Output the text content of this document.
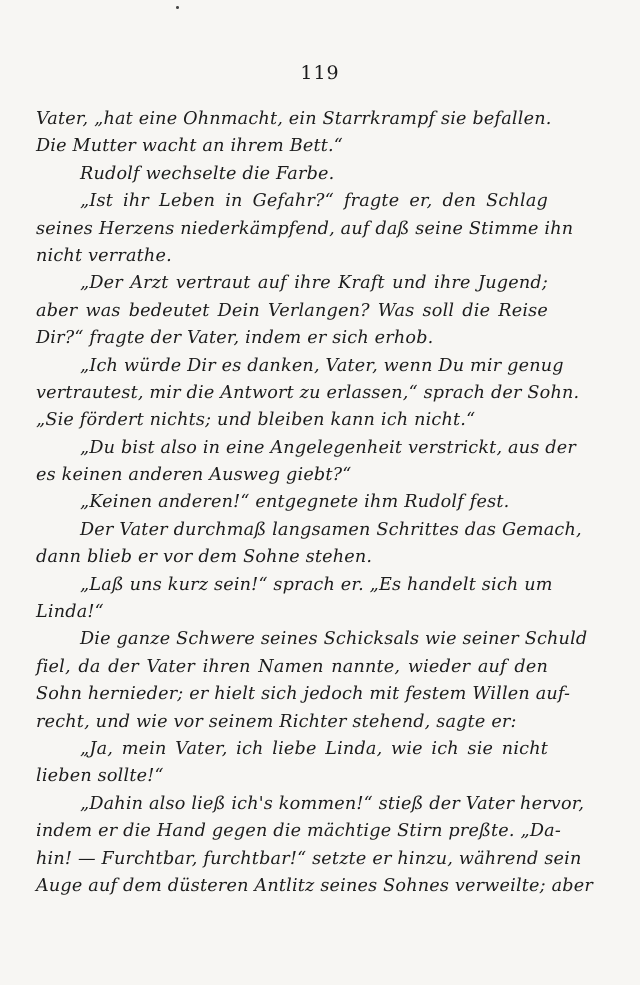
119
Vater, „hat eine Ohnmacht, ein Starrkrampf sie befallen.
Die Mutter wacht an ihrem Bett.“
Rudolf wechselte die Farbe.
„Ist ihr Leben in Gefahr?“ fragte er, den Schlag
seines Herzens niederkämpfend, auf daß seine Stimme ihn
nicht verrathe.
„Der Arzt vertraut auf ihre Kraft und ihre Jugend;
aber was bedeutet Dein Verlangen? Was soll die Reise
Dir?“ fragte der Vater, indem er sich erhob.
„Ich würde Dir es danken, Vater, wenn Du mir genug
vertrautest, mir die Antwort zu erlassen,“ sprach der Sohn.
„Sie fördert nichts; und bleiben kann ich nicht.“
„Du bist also in eine Angelegenheit verstrickt, aus der
es keinen anderen Ausweg giebt?“
„Keinen anderen!“ entgegnete ihm Rudolf fest.
Der Vater durchmaß langsamen Schrittes das Gemach,
dann blieb er vor dem Sohne stehen.
„Laß uns kurz sein!“ sprach er. „Es handelt sich um
Linda!“
Die ganze Schwere seines Schicksals wie seiner Schuld
fiel, da der Vater ihren Namen nannte, wieder auf den
Sohn hernieder; er hielt sich jedoch mit festem Willen auf-
recht, und wie vor seinem Richter stehend, sagte er:
„Ja, mein Vater, ich liebe Linda, wie ich sie nicht
lieben sollte!“
„Dahin also ließ ich's kommen!“ stieß der Vater hervor,
indem er die Hand gegen die mächtige Stirn preßte. „Da-
hin! — Furchtbar, furchtbar!“ setzte er hinzu, während sein
Auge auf dem düsteren Antlitz seines Sohnes verweilte; aber
